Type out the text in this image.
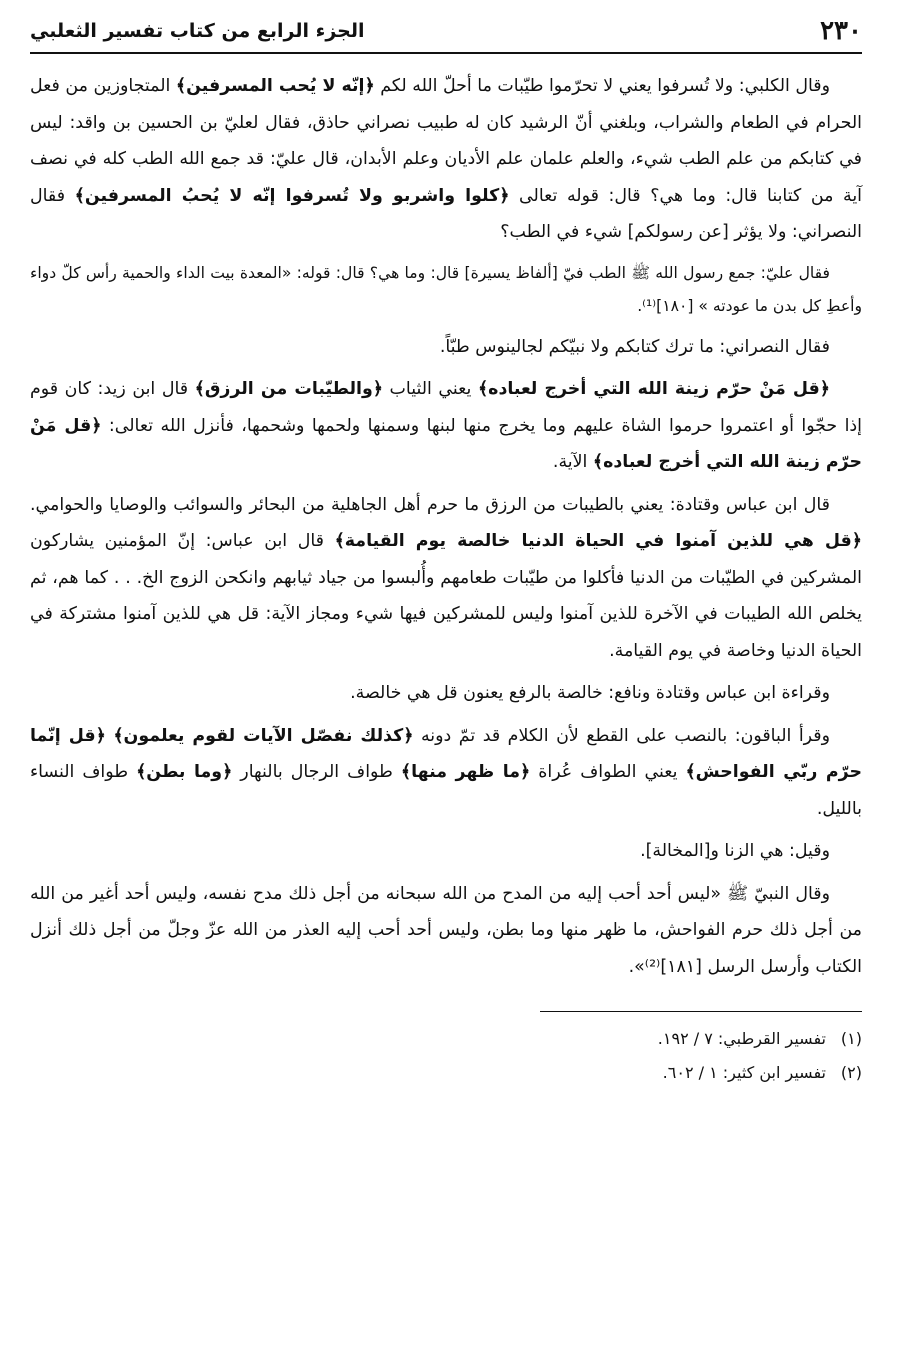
٢٣٠
الجزء الرابع من كتاب تفسير الثعلبي

وقال الكلبي: ولا تُسرفوا يعني لا تحرّموا طيّبات ما أحلّ الله لكم ﴿إنّه لا يُحب المسرفين﴾ المتجاوزين من فعل الحرام في الطعام والشراب، وبلغني أنّ الرشيد كان له طبيب نصراني حاذق، فقال لعليّ بن الحسين بن واقد: ليس في كتابكم من علم الطب شيء، والعلم علمان علم الأديان وعلم الأبدان، قال عليّ: قد جمع الله الطب كله في نصف آية من كتابنا قال: وما هي؟ قال: قوله تعالى ﴿كلوا واشربو ولا تُسرفوا إنّه لا يُحبُ المسرفين﴾ فقال النصراني: ولا يؤثر [عن رسولكم] شيء في الطب؟

فقال عليّ: جمع رسول الله ﷺ الطب فيّ [ألفاظ يسيرة] قال: وما هي؟ قال: قوله: «المعدة بيت الداء والحمية رأس كلّ دواء وأعطِ كل بدن ما عودته » [١٨٠]⁽¹⁾.

فقال النصراني: ما ترك كتابكم ولا نبيّكم لجالينوس طبّاً.

﴿قل مَنْ حرّم زينة الله التي أخرج لعباده﴾ يعني الثياب ﴿والطيّبات من الرزق﴾ قال ابن زيد: كان قوم إذا حجّوا أو اعتمروا حرموا الشاة عليهم وما يخرج منها لبنها وسمنها ولحمها وشحمها، فأنزل الله تعالى: ﴿قل مَنْ حرّم زينة الله التي أخرج لعباده﴾ الآية.

قال ابن عباس وقتادة: يعني بالطيبات من الرزق ما حرم أهل الجاهلية من البحائر والسوائب والوصايا والحوامي. ﴿قل هي للذين آمنوا في الحياة الدنيا خالصة يوم القيامة﴾ قال ابن عباس: إنّ المؤمنين يشاركون المشركين في الطيّبات من الدنيا فأكلوا من طيّبات طعامهم وأُلبسوا من جياد ثيابهم وانكحن الزوج الخ. . . كما هم، ثم يخلص الله الطيبات في الآخرة للذين آمنوا وليس للمشركين فيها شيء ومجاز الآية: قل هي للذين آمنوا مشتركة في الحياة الدنيا وخاصة في يوم القيامة.

وقراءة ابن عباس وقتادة ونافع: خالصة بالرفع يعنون قل هي خالصة.

وقرأ الباقون: بالنصب على القطع لأن الكلام قد تمّ دونه ﴿كذلك نفصّل الآيات لقوم يعلمون﴾ ﴿قل إنّما حرّم ربّي الفواحش﴾ يعني الطواف عُراة ﴿ما ظهر منها﴾ طواف الرجال بالنهار ﴿وما بطن﴾ طواف النساء بالليل.

وقيل: هي الزنا و[المخالة].

وقال النبيّ ﷺ «ليس أحد أحب إليه من المدح من الله سبحانه من أجل ذلك مدح نفسه، وليس أحد أغير من الله من أجل ذلك حرم الفواحش، ما ظهر منها وما بطن، وليس أحد أحب إليه العذر من الله عزّ وجلّ من أجل ذلك أنزل الكتاب وأرسل الرسل [١٨١]⁽²⁾».

(١)تفسير القرطبي: ٧ / ١٩٢.
(٢)تفسير ابن كثير: ١ / ٦٠٢.
